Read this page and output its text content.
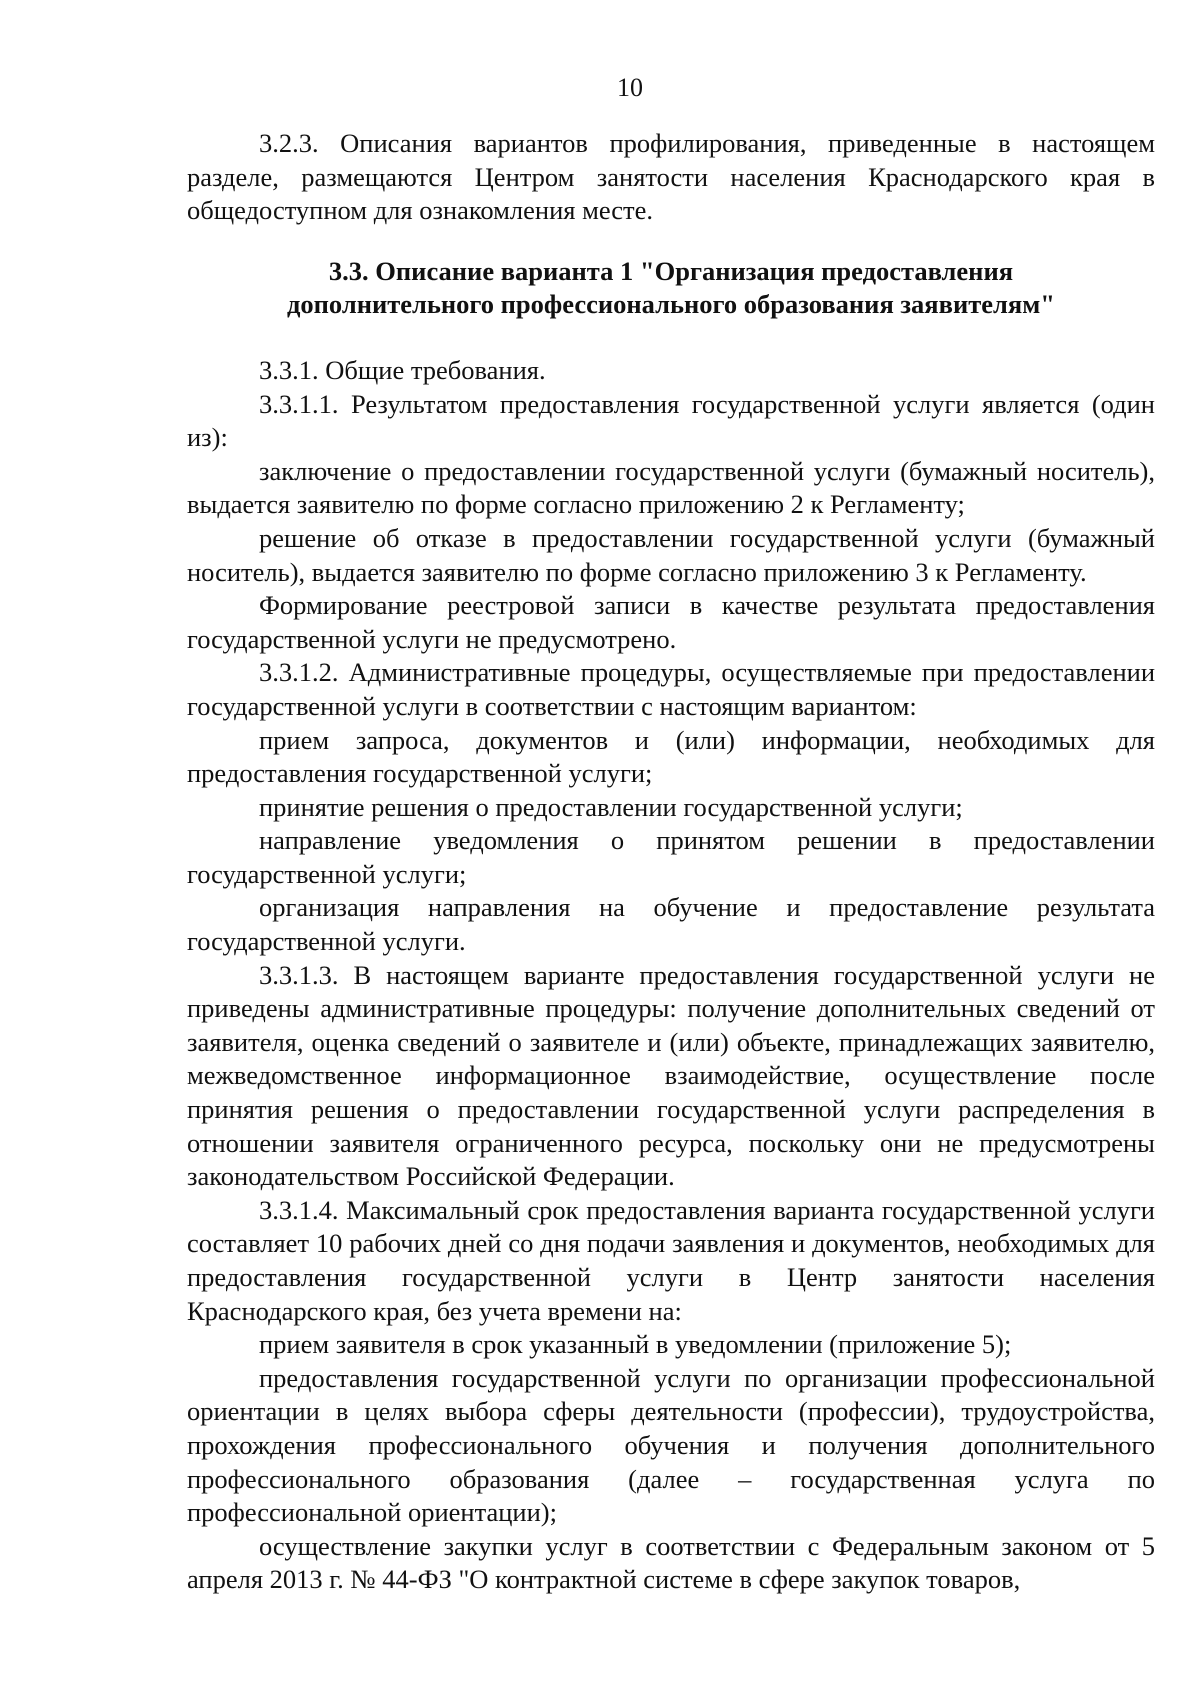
10

3.2.3. Описания вариантов профилирования, приведенные в настоящем разделе, размещаются Центром занятости населения Краснодарского края в общедоступном для ознакомления месте.

3.3. Описание варианта 1 "Организация предоставления
дополнительного профессионального образования заявителям"

3.3.1. Общие требования.

3.3.1.1. Результатом предоставления государственной услуги является (один из):

заключение о предоставлении государственной услуги (бумажный носитель), выдается заявителю по форме согласно приложению 2 к Регламенту;

решение об отказе в предоставлении государственной услуги (бумажный носитель), выдается заявителю по форме согласно приложению 3 к Регламенту.

Формирование реестровой записи в качестве результата предоставления государственной услуги не предусмотрено.

3.3.1.2. Административные процедуры, осуществляемые при предоставлении государственной услуги в соответствии с настоящим вариантом:

прием запроса, документов и (или) информации, необходимых для предоставления государственной услуги;

принятие решения о предоставлении государственной услуги;

направление уведомления о принятом решении в предоставлении государственной услуги;

организация направления на обучение и предоставление результата государственной услуги.

3.3.1.3. В настоящем варианте предоставления государственной услуги не приведены административные процедуры: получение дополнительных сведений от заявителя, оценка сведений о заявителе и (или) объекте, принадлежащих заявителю, межведомственное информационное взаимодействие, осуществление после принятия решения о предоставлении государственной услуги распределения в отношении заявителя ограниченного ресурса, поскольку они не предусмотрены законодательством Российской Федерации.

3.3.1.4. Максимальный срок предоставления варианта государственной услуги составляет 10 рабочих дней со дня подачи заявления и документов, необходимых для предоставления государственной услуги в Центр занятости населения Краснодарского края, без учета времени на:

прием заявителя в срок указанный в уведомлении (приложение 5);

предоставления государственной услуги по организации профессиональной ориентации в целях выбора сферы деятельности (профессии), трудоустройства, прохождения профессионального обучения и получения дополнительного профессионального образования (далее – государственная услуга по профессиональной ориентации);

осуществление закупки услуг в соответствии с Федеральным законом от 5 апреля 2013 г. № 44-ФЗ "О контрактной системе в сфере закупок товаров,
